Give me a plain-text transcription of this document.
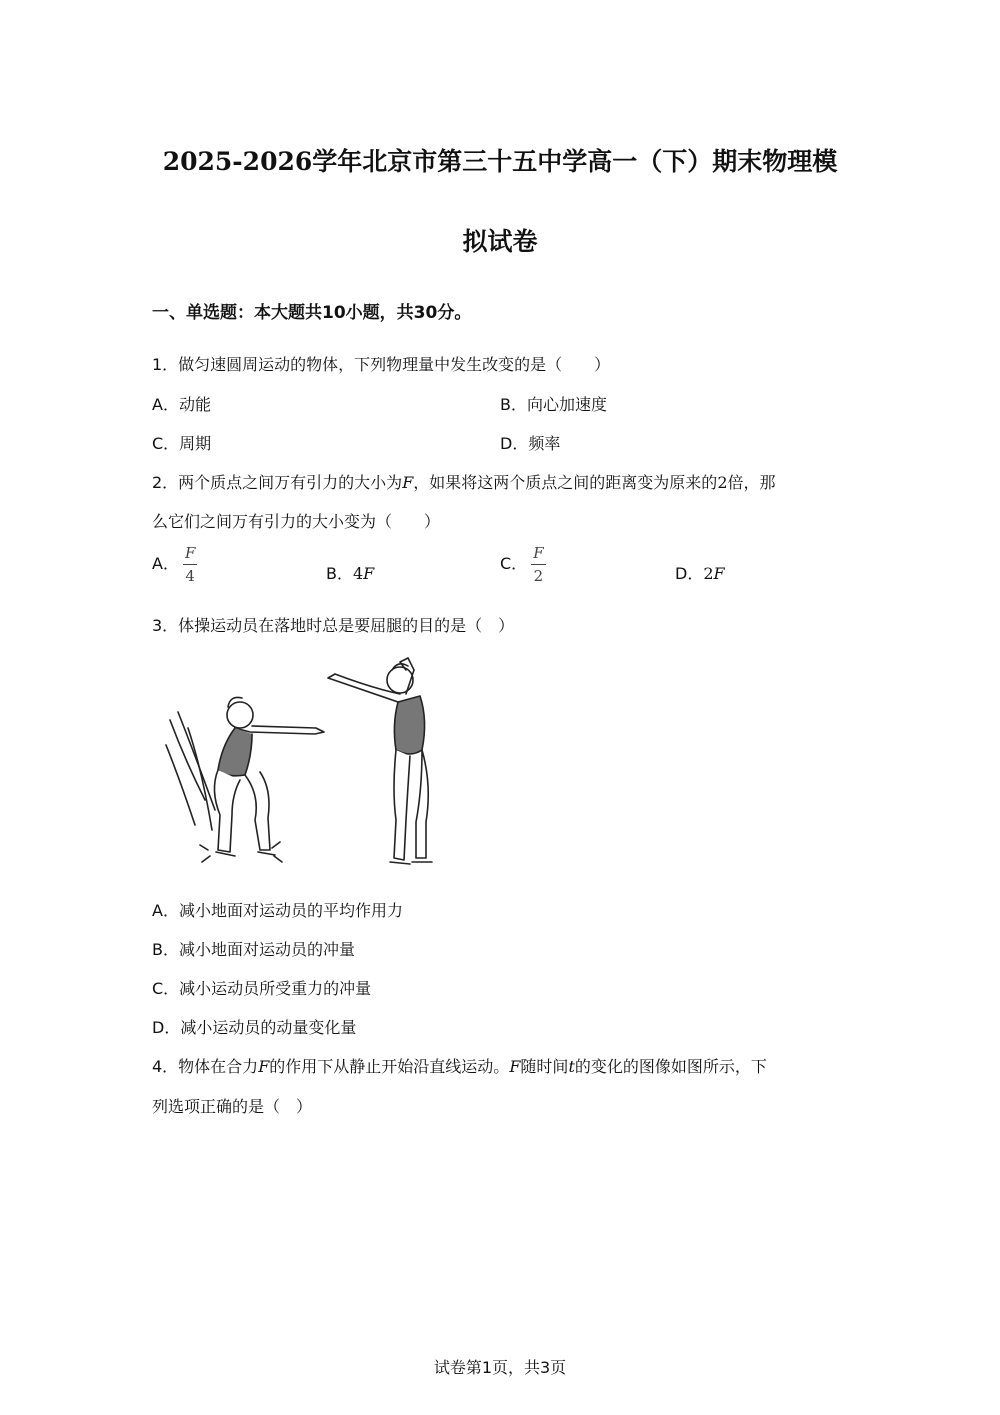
2025-2026学年北京市第三十五中学高一（下）期末物理模
拟试卷
一、单选题：本大题共10小题，共30分。
1．做匀速圆周运动的物体，下列物理量中发生改变的是（　　）
A．动能	B．向心加速度
C．周期	D．频率
2．两个质点之间万有引力的大小为F，如果将这两个质点之间的距离变为原来的2倍，那
么它们之间万有引力的大小变为（　　）
A． $\frac{F}{4}$	B．4F
C． $\frac{F}{2}$	D．2F
3．体操运动员在落地时总是要屈腿的目的是（　）
A．减小地面对运动员的平均作用力
B．减小地面对运动员的冲量
C．减小运动员所受重力的冲量
D．减小运动员的动量变化量
4．物体在合力F的作用下从静止开始沿直线运动。F随时间t的变化的图像如图所示，下
列选项正确的是（　）
试卷第1页，共3页
